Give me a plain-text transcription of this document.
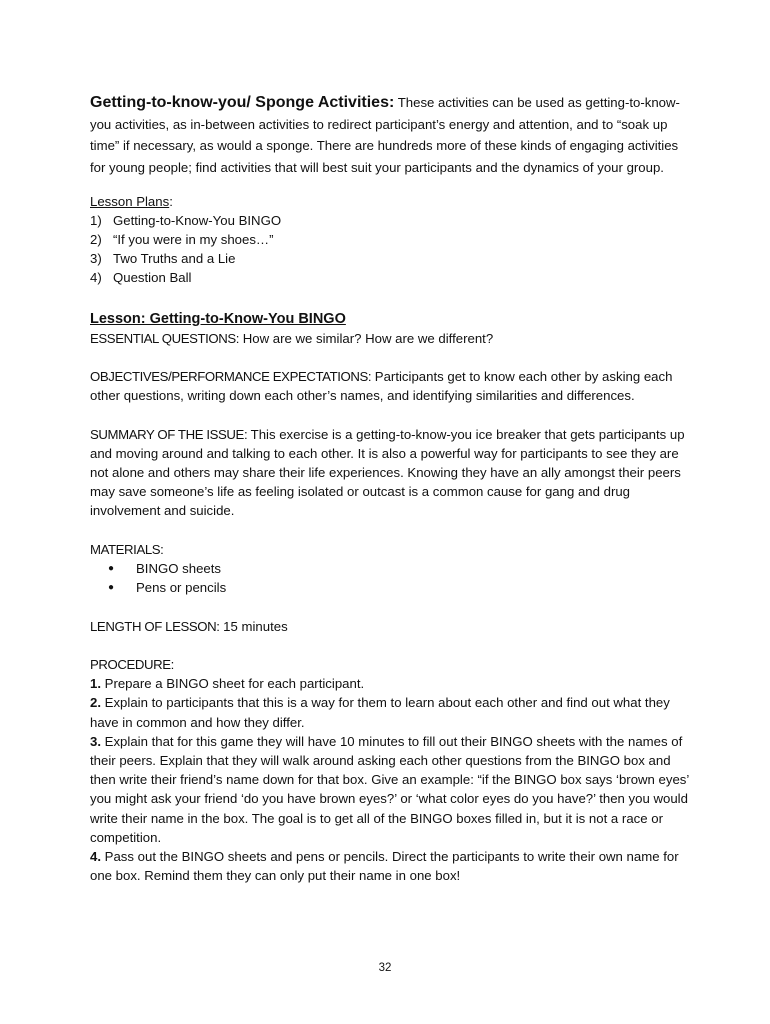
Getting-to-know-you/ Sponge Activities: These activities can be used as getting-to-know-you activities, as in-between activities to redirect participant’s energy and attention, and to “soak up time” if necessary, as would a sponge. There are hundreds more of these kinds of engaging activities for young people; find activities that will best suit your participants and the dynamics of your group.

Lesson Plans:

1) Getting-to-Know-You BINGO
2) “If you were in my shoes…”
3) Two Truths and a Lie
4) Question Ball

Lesson: Getting-to-Know-You BINGO

ESSENTIAL QUESTIONS: How are we similar? How are we different?

OBJECTIVES/PERFORMANCE EXPECTATIONS: Participants get to know each other by asking each other questions, writing down each other’s names, and identifying similarities and differences.

SUMMARY OF THE ISSUE: This exercise is a getting-to-know-you ice breaker that gets participants up and moving around and talking to each other. It is also a powerful way for participants to see they are not alone and others may share their life experiences. Knowing they have an ally amongst their peers may save someone’s life as feeling isolated or outcast is a common cause for gang and drug involvement and suicide.

MATERIALS:

●	BINGO sheets
●	Pens or pencils

LENGTH OF LESSON: 15 minutes

PROCEDURE:

1. Prepare a BINGO sheet for each participant.
2. Explain to participants that this is a way for them to learn about each other and find out what they have in common and how they differ.
3. Explain that for this game they will have 10 minutes to fill out their BINGO sheets with the names of their peers. Explain that they will walk around asking each other questions from the BINGO box and then write their friend’s name down for that box. Give an example: “if the BINGO box says ‘brown eyes’ you might ask your friend ‘do you have brown eyes?’ or ‘what color eyes do you have?’ then you would write their name in the box. The goal is to get all of the BINGO boxes filled in, but it is not a race or competition.
4. Pass out the BINGO sheets and pens or pencils. Direct the participants to write their own name for one box. Remind them they can only put their name in one box!
32
